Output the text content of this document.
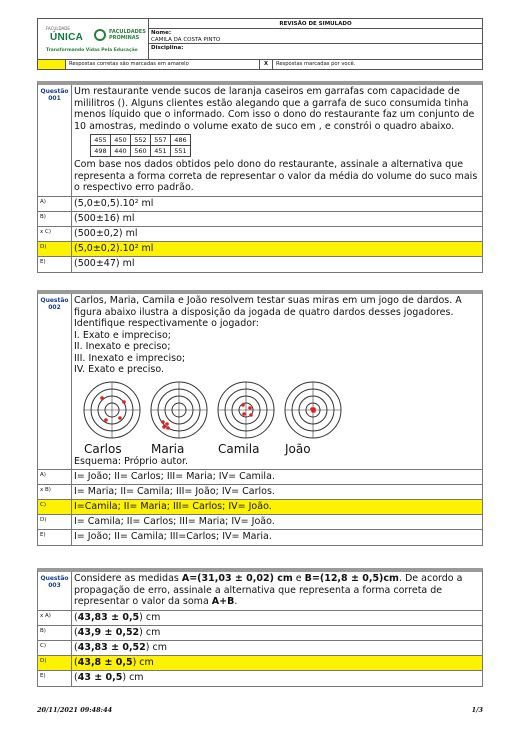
FACULDADE
ÚNICA	FACULDADES PROMINAS
Transformando Vidas Pela Educação
REVISÃO DE SIMULADO
Nome:
CAMILA DA COSTA PINTO
Disciplina:
Respostas corretas são marcadas em amarelo	X	Respostas marcadas por você.
Questão
001
Um restaurante vende sucos de laranja caseiros em garrafas com capacidade de mililitros (). Alguns clientes estão alegando que a garrafa de suco consumida tinha menos líquido que o informado. Com isso o dono do restaurante faz um conjunto de 10 amostras, medindo o volume exato de suco em , e constrói o quadro abaixo.
455	450	552	557	486
498	440	560	451	551
Com base nos dados obtidos pelo dono do restaurante, assinale a alternativa que representa a forma correta de representar o valor da média do volume do suco mais o respectivo erro padrão.
A)	(5,0±0,5).10² ml
B)	(500±16) ml
x C)	(500±0,2) ml
D)	(5,0±0,2).10² ml
E)	(500±47) ml
Questão
002
Carlos, Maria, Camila e João resolvem testar suas miras em um jogo de dardos. A figura abaixo ilustra a disposição da jogada de quatro dardos desses jogadores. Identifique respectivamente o jogador:
I. Exato e impreciso;
II. Inexato e preciso;
III. Inexato e impreciso;
IV. Exato e preciso.
Carlos	Maria	Camila	João
Esquema: Próprio autor.
A)	I= João; II= Carlos; III= Maria; IV= Camila.
x B)	I= Maria; II= Camila; III= João; IV= Carlos.
C)	I=Camila; II= Maria; III= Carlos; IV= João.
D)	I= Camila; II= Carlos; III= Maria; IV= João.
E)	I= João; II= Camila; III=Carlos; IV= Maria.
Questão
003
Considere as medidas A=(31,03 ± 0,02) cm e B=(12,8 ± 0,5)cm. De acordo a propagação de erro, assinale a alternativa que representa a forma correta de representar o valor da soma A+B.
x A)	(43,83 ± 0,5) cm
B)	(43,9 ± 0,52) cm
C)	(43,83 ± 0,52) cm
D)	(43,8 ± 0,5) cm
E)	(43 ± 0,5) cm
20/11/2021 09:48:44	1/3
